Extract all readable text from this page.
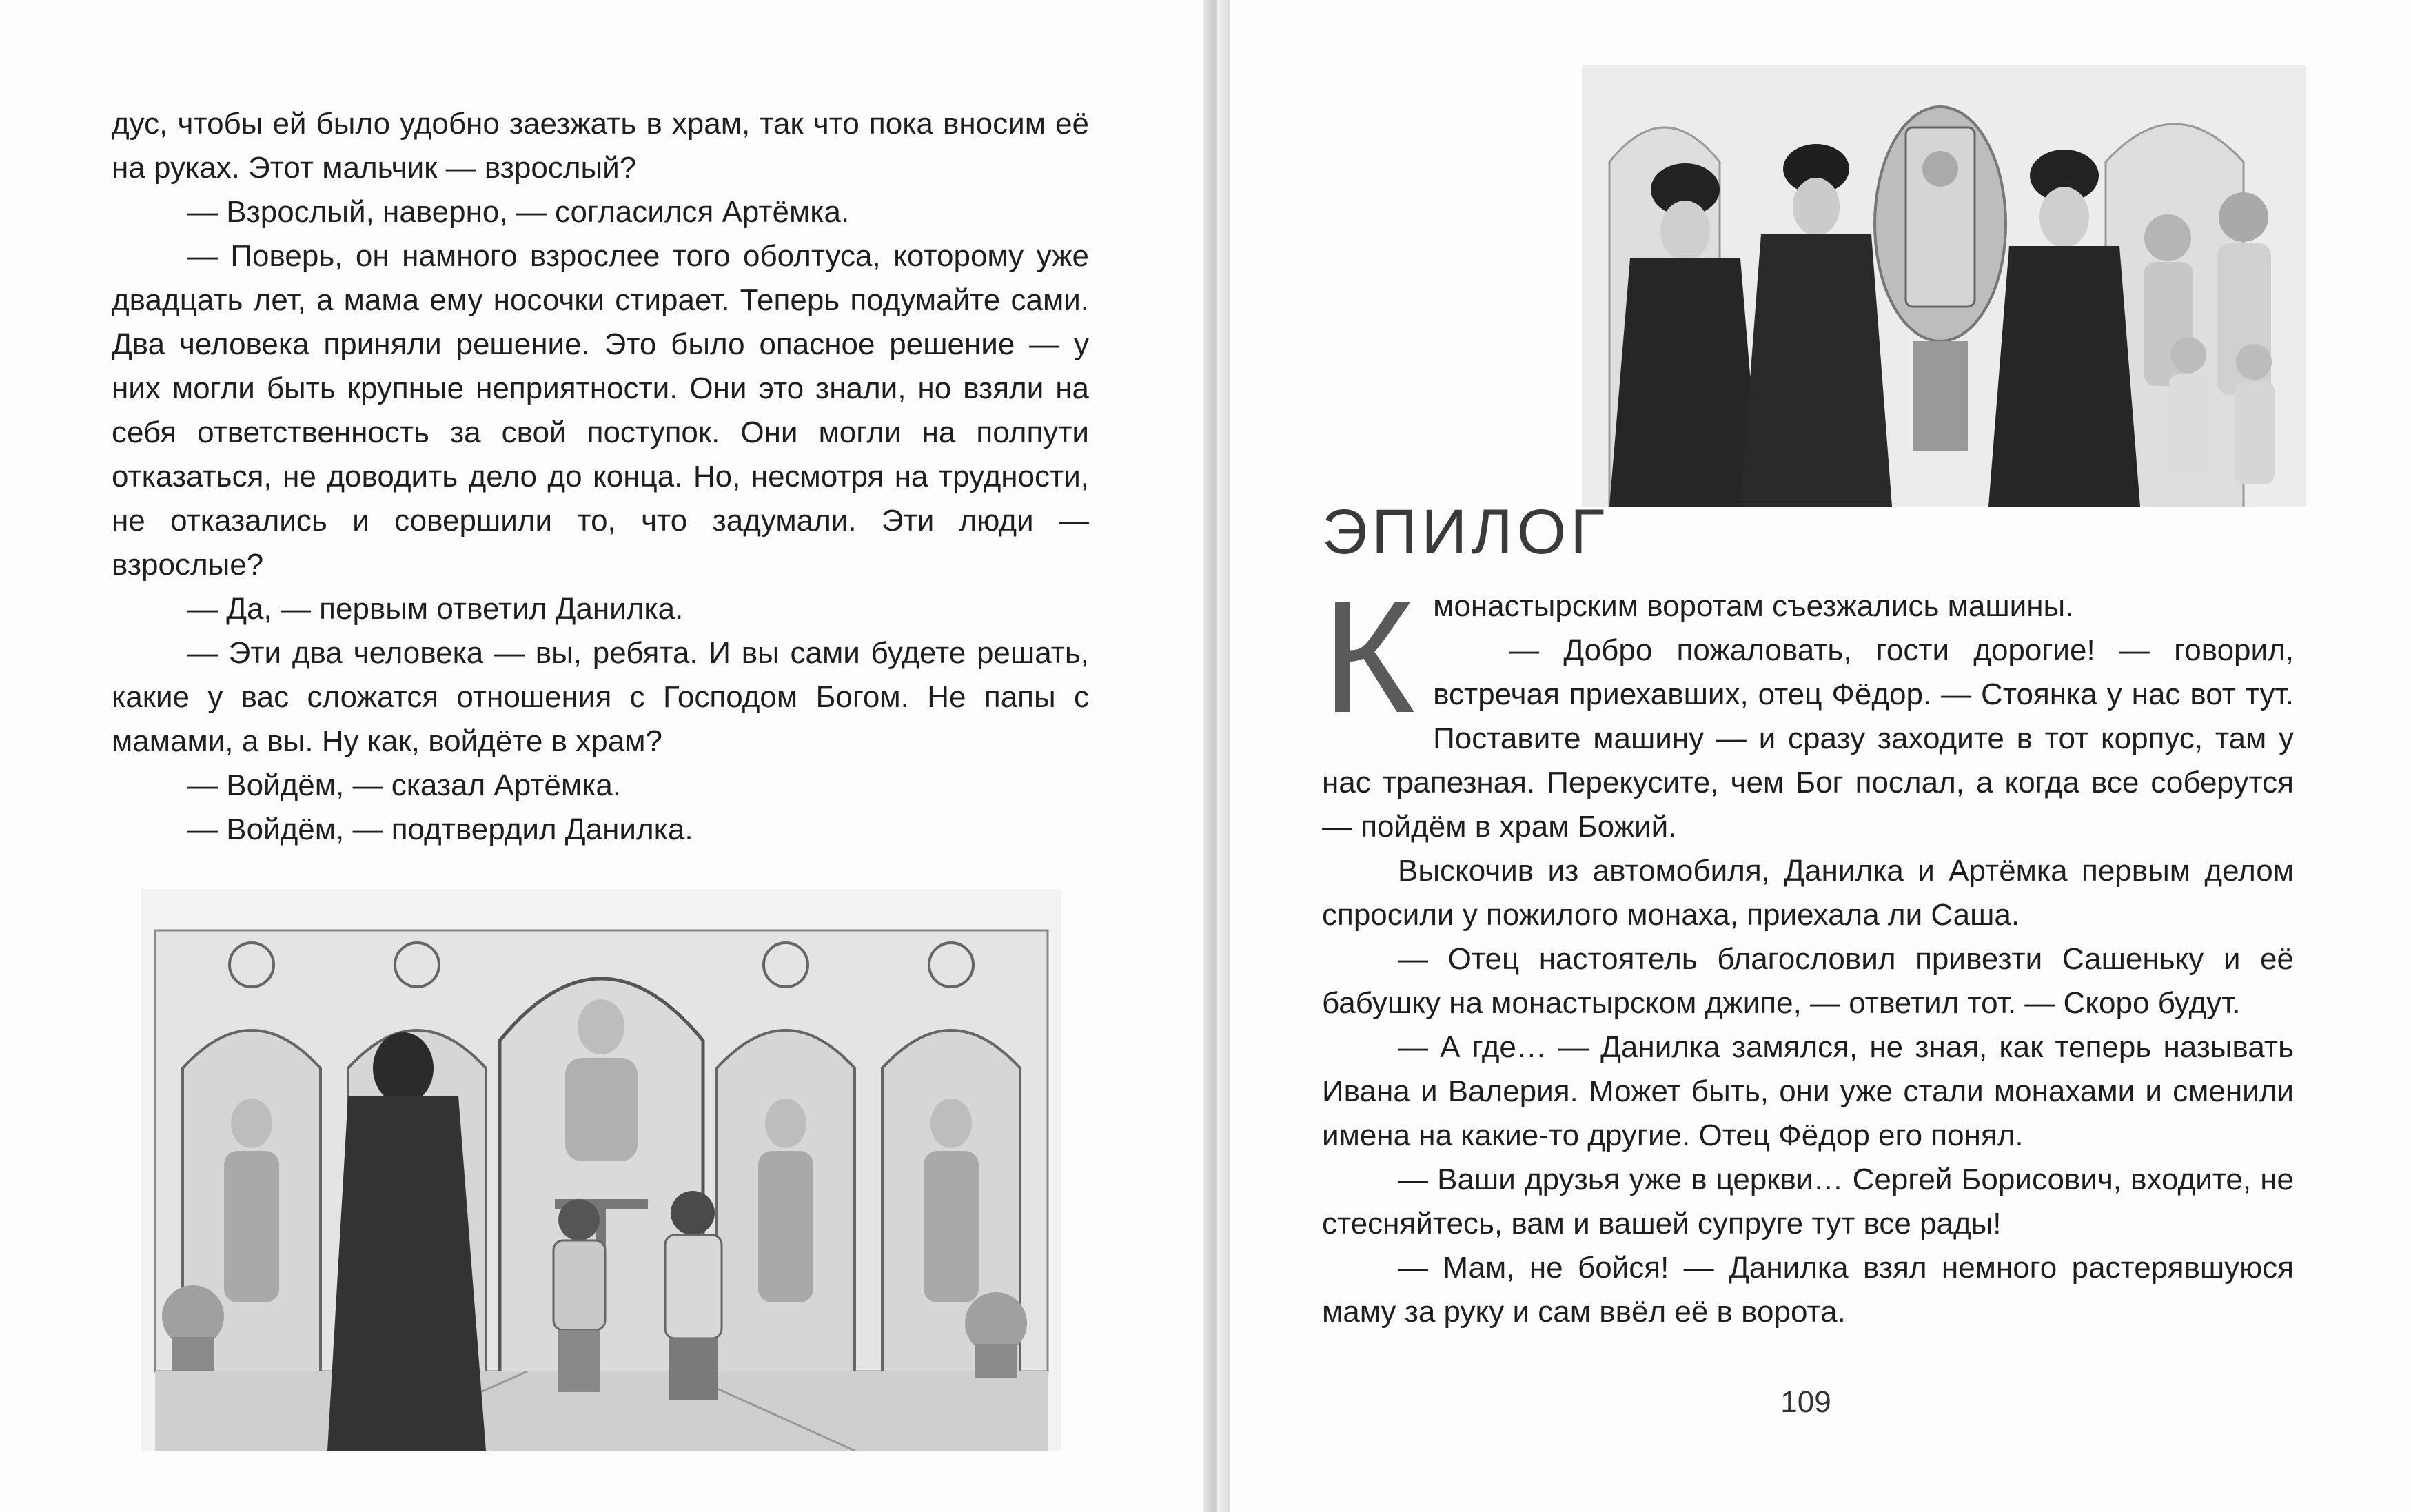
дус, чтобы ей было удобно заезжать в храм, так что пока вносим её на руках. Этот мальчик — взрослый?

— Взрослый, наверно, — согласился Артёмка.

— Поверь, он намного взрослее того оболтуса, которому уже двадцать лет, а мама ему носочки стирает. Теперь подумайте сами. Два человека приняли решение. Это было опасное решение — у них могли быть крупные неприятности. Они это знали, но взяли на себя ответственность за свой поступок. Они могли на полпути отказаться, не доводить дело до конца. Но, несмотря на трудности, не отказались и совершили то, что задумали. Эти люди — взрослые?

— Да, — первым ответил Данилка.

— Эти два человека — вы, ребята. И вы сами будете решать, какие у вас сложатся отношения с Господом Богом. Не папы с мамами, а вы. Ну как, войдёте в храм?

— Войдём, — сказал Артёмка.

— Войдём, — подтвердил Данилка.

ЭПИЛОГ

Кмонастырским воротам съезжались машины.

— Добро пожаловать, гости дорогие! — говорил, встречая приехавших, отец Фёдор. — Стоянка у нас вот тут. Поставите машину — и сразу заходите в тот корпус, там у нас трапезная. Перекусите, чем Бог послал, а когда все соберутся — пойдём в храм Божий.

Выскочив из автомобиля, Данилка и Артёмка первым делом спросили у пожилого монаха, приехала ли Саша.

— Отец настоятель благословил привезти Сашеньку и её бабушку на монастырском джипе, — ответил тот. — Скоро будут.

— А где… — Данилка замялся, не зная, как теперь называть Ивана и Валерия. Может быть, они уже стали монахами и сменили имена на какие-то другие. Отец Фёдор его понял.

— Ваши друзья уже в церкви… Сергей Борисович, входите, не стесняйтесь, вам и вашей супруге тут все рады!

— Мам, не бойся! — Данилка взял немного растерявшуюся маму за руку и сам ввёл её в ворота.

109
